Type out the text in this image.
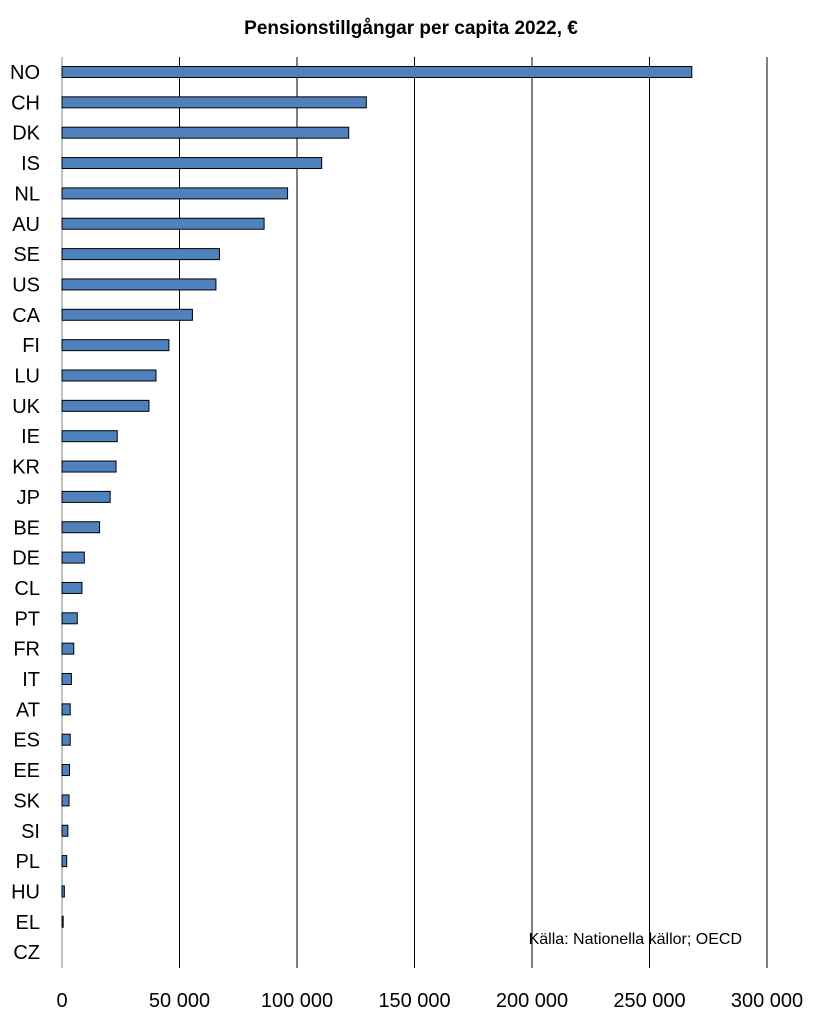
Pensionstillgångar per capita 2022, €
NO
CH
DK
IS
NL
AU
SE
US
CA
FI
LU
UK
IE
KR
JP
BE
DE
CL
PT
FR
IT
AT
ES
EE
SK
SI
PL
HU
EL
CZ
0	50 000	100 000 150 000 200 000 250 000 300 000
Källa: Nationella källor; OECD
